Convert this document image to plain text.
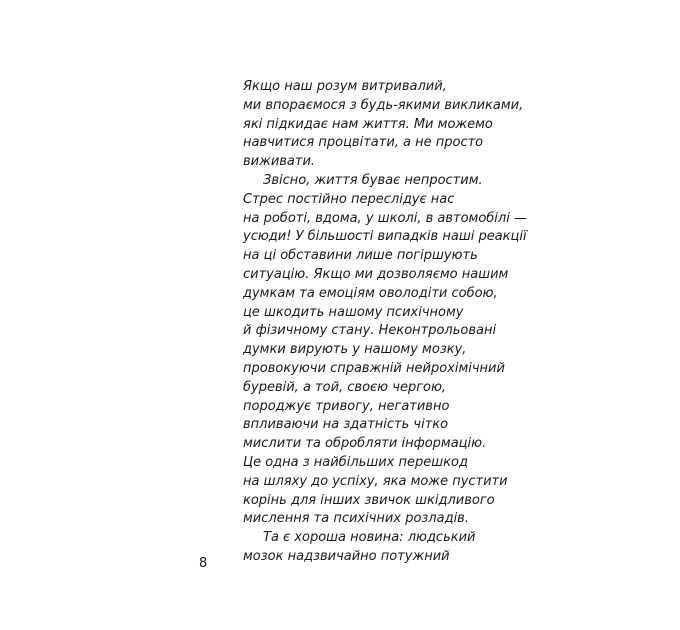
Якщо наш розум витривалий,
ми впораємося з будь-якими викликами,
які підкидає нам життя. Ми можемо
навчитися процвітати, а не просто
виживати.
Звісно, життя буває непростим.
Стрес постійно переслідує нас
на роботі, вдома, у школі, в автомобілі —
усюди! У більшості випадків наші реакції
на ці обставини лише погіршують
ситуацію. Якщо ми дозволяємо нашим
думкам та емоціям оволодіти собою,
це шкодить нашому психічному
й фізичному стану. Неконтрольовані
думки вирують у нашому мозку,
провокуючи справжній нейрохімічний
буревій, а той, своєю чергою,
породжує тривогу, негативно
впливаючи на здатність чітко
мислити та обробляти інформацію.
Це одна з найбільших перешкод
на шляху до успіху, яка може пустити
корінь для інших звичок шкідливого
мислення та психічних розладів.
Та є хороша новина: людський
мозок надзвичайно потужний
8
